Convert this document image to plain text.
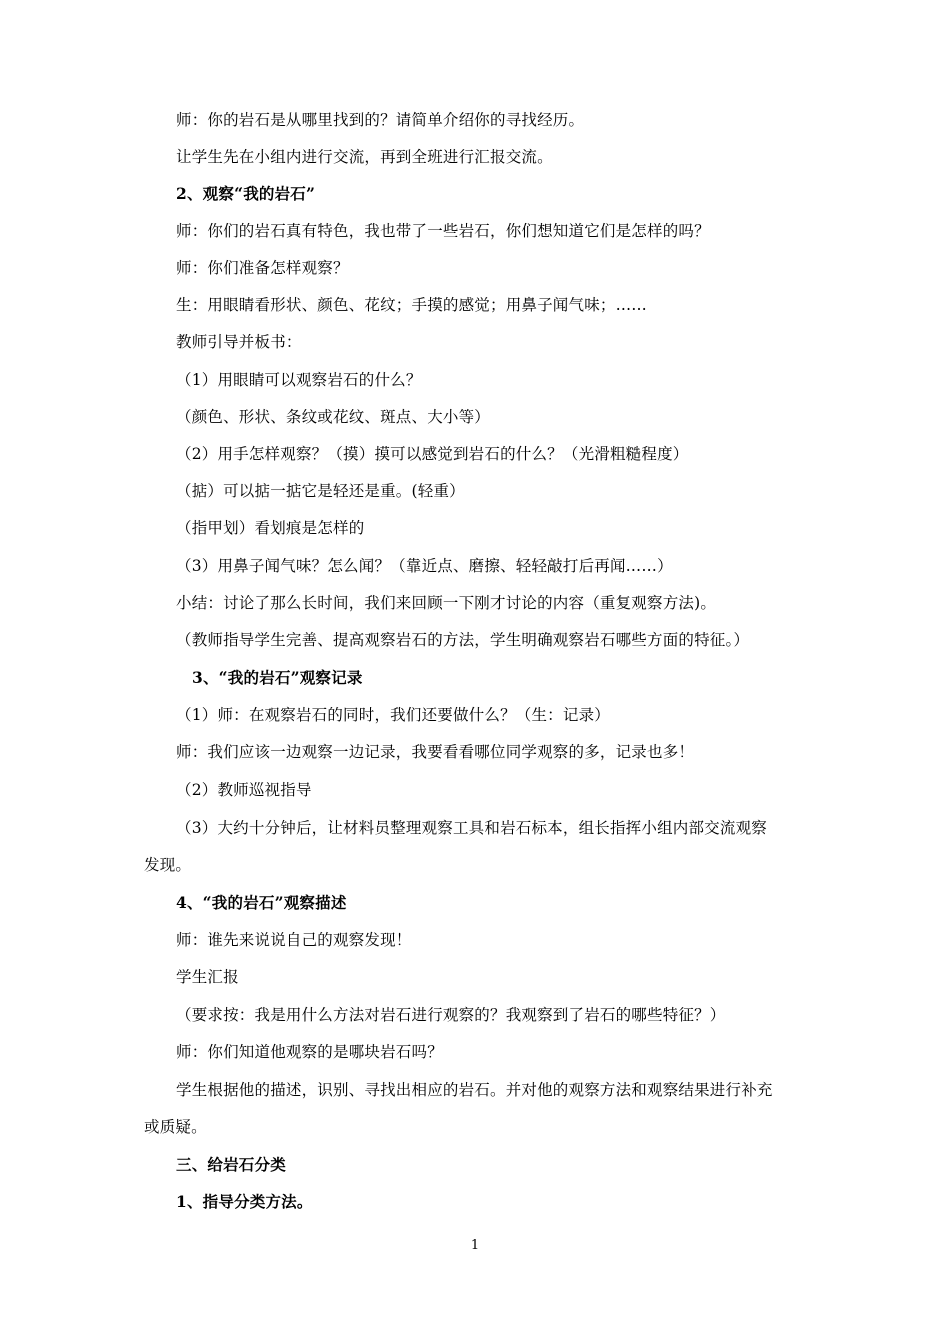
师：你的岩石是从哪里找到的？请简单介绍你的寻找经历。
让学生先在小组内进行交流，再到全班进行汇报交流。
2、观察“我的岩石”
师：你们的岩石真有特色，我也带了一些岩石，你们想知道它们是怎样的吗？
师：你们准备怎样观察？
生：用眼睛看形状、颜色、花纹；手摸的感觉；用鼻子闻气味；……
教师引导并板书：
（1）用眼睛可以观察岩石的什么？
（颜色、形状、条纹或花纹、斑点、大小等）
（2）用手怎样观察？（摸）摸可以感觉到岩石的什么？（光滑粗糙程度）
（掂）可以掂一掂它是轻还是重。(轻重）
（指甲划）看划痕是怎样的
（3）用鼻子闻气味？怎么闻？（靠近点、磨擦、轻轻敲打后再闻……）
小结：讨论了那么长时间，我们来回顾一下刚才讨论的内容（重复观察方法)。
（教师指导学生完善、提高观察岩石的方法，学生明确观察岩石哪些方面的特征。）
3、“我的岩石”观察记录
（1）师：在观察岩石的同时，我们还要做什么？（生：记录）
师：我们应该一边观察一边记录，我要看看哪位同学观察的多，记录也多！
（2）教师巡视指导
（3）大约十分钟后，让材料员整理观察工具和岩石标本，组长指挥小组内部交流观察
发现。
4、“我的岩石”观察描述
师：谁先来说说自己的观察发现！
学生汇报
（要求按：我是用什么方法对岩石进行观察的？我观察到了岩石的哪些特征？）
师：你们知道他观察的是哪块岩石吗？
学生根据他的描述，识别、寻找出相应的岩石。并对他的观察方法和观察结果进行补充
或质疑。
三、给岩石分类
1、指导分类方法。
1
